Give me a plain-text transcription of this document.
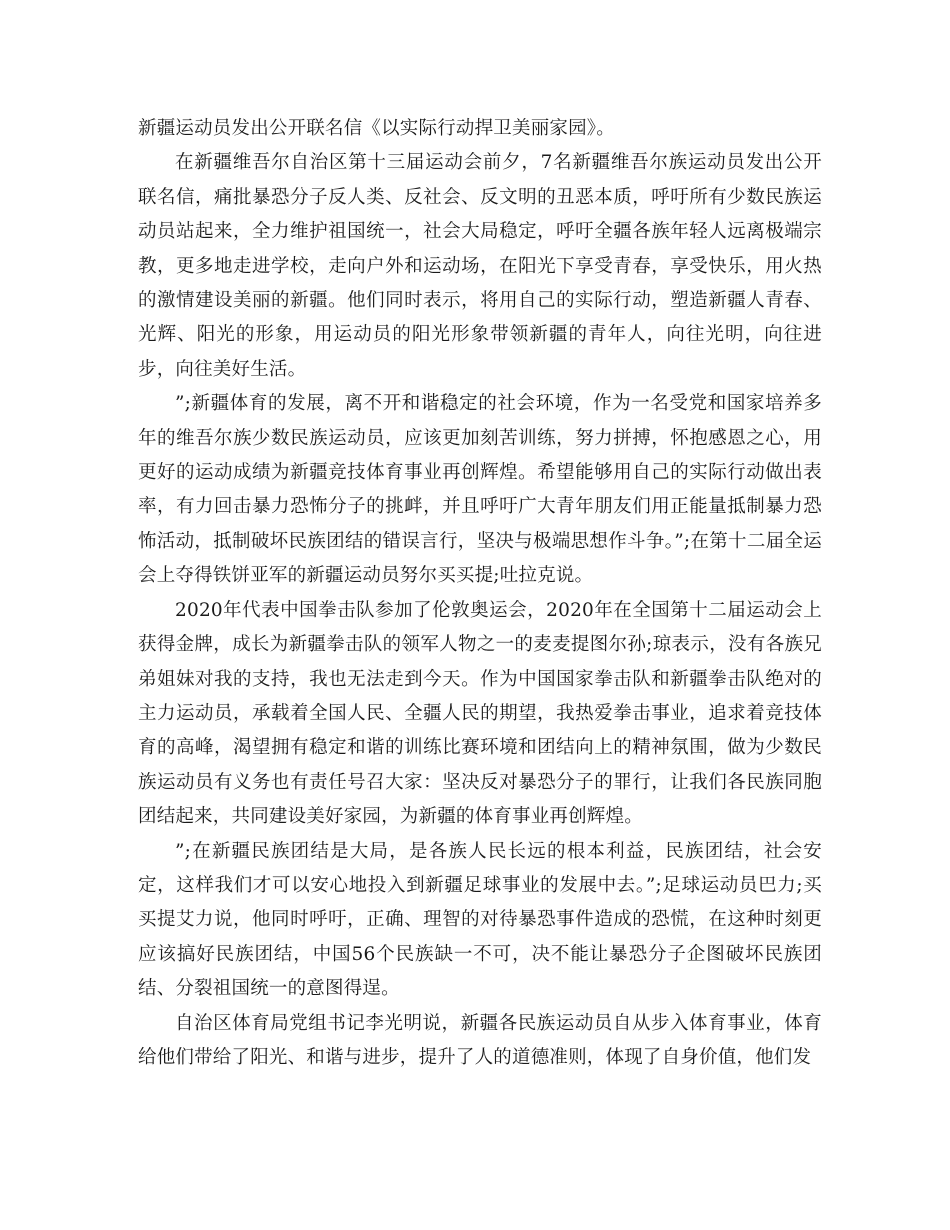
新疆运动员发出公开联名信《以实际行动捍卫美丽家园》。

在新疆维吾尔自治区第十三届运动会前夕，7名新疆维吾尔族运动员发出公开联名信，痛批暴恐分子反人类、反社会、反文明的丑恶本质，呼吁所有少数民族运动员站起来，全力维护祖国统一，社会大局稳定，呼吁全疆各族年轻人远离极端宗教，更多地走进学校，走向户外和运动场，在阳光下享受青春，享受快乐，用火热的激情建设美丽的新疆。他们同时表示，将用自己的实际行动，塑造新疆人青春、光辉、阳光的形象，用运动员的阳光形象带领新疆的青年人，向往光明，向往进步，向往美好生活。

”;新疆体育的发展，离不开和谐稳定的社会环境，作为一名受党和国家培养多年的维吾尔族少数民族运动员，应该更加刻苦训练，努力拼搏，怀抱感恩之心，用更好的运动成绩为新疆竞技体育事业再创辉煌。希望能够用自己的实际行动做出表率，有力回击暴力恐怖分子的挑衅，并且呼吁广大青年朋友们用正能量抵制暴力恐怖活动，抵制破坏民族团结的错误言行，坚决与极端思想作斗争。”;在第十二届全运会上夺得铁饼亚军的新疆运动员努尔买买提;吐拉克说。

2020年代表中国拳击队参加了伦敦奥运会，2020年在全国第十二届运动会上获得金牌，成长为新疆拳击队的领军人物之一的麦麦提图尔孙;琼表示，没有各族兄弟姐妹对我的支持，我也无法走到今天。作为中国国家拳击队和新疆拳击队绝对的主力运动员，承载着全国人民、全疆人民的期望，我热爱拳击事业，追求着竞技体育的高峰，渴望拥有稳定和谐的训练比赛环境和团结向上的精神氛围，做为少数民族运动员有义务也有责任号召大家：坚决反对暴恐分子的罪行，让我们各民族同胞团结起来，共同建设美好家园，为新疆的体育事业再创辉煌。

”;在新疆民族团结是大局，是各族人民长远的根本利益，民族团结，社会安定，这样我们才可以安心地投入到新疆足球事业的发展中去。”;足球运动员巴力;买买提艾力说，他同时呼吁，正确、理智的对待暴恐事件造成的恐慌，在这种时刻更应该搞好民族团结，中国56个民族缺一不可，决不能让暴恐分子企图破坏民族团结、分裂祖国统一的意图得逞。

自治区体育局党组书记李光明说，新疆各民族运动员自从步入体育事业，体育给他们带给了阳光、和谐与进步，提升了人的道德准则，体现了自身价值，他们发
